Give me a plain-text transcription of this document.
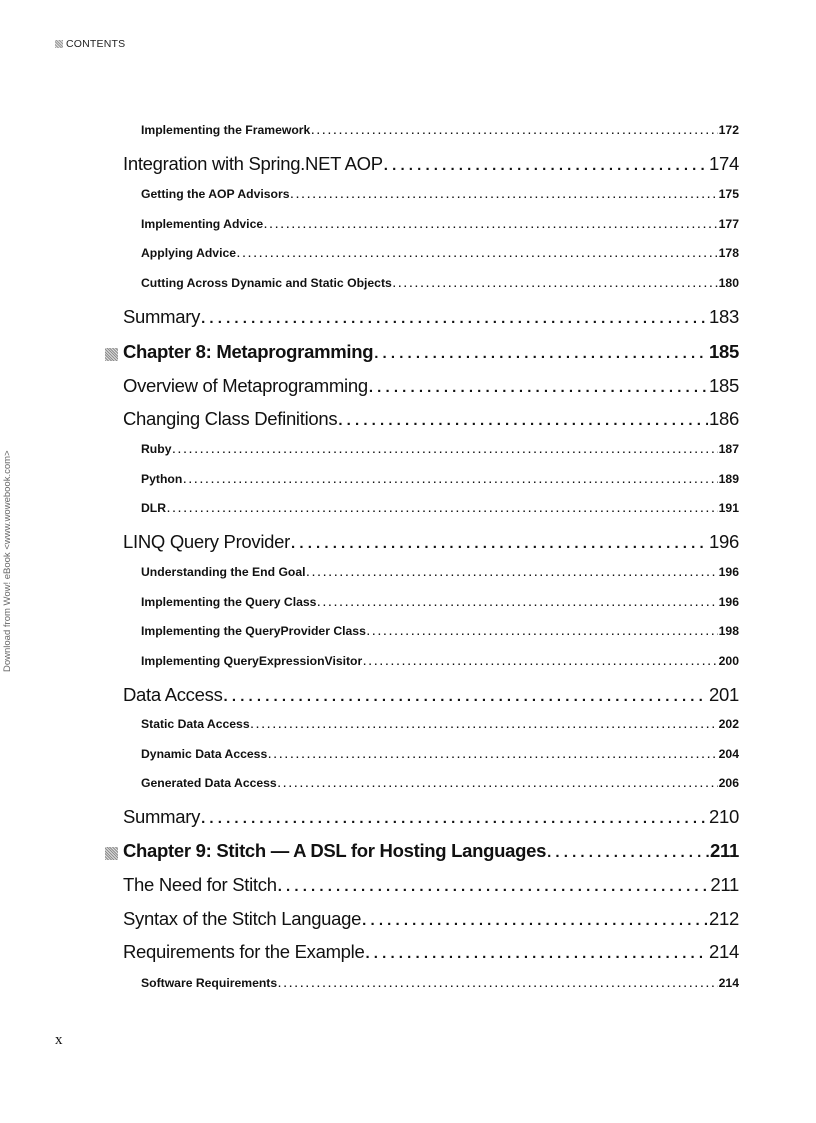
CONTENTS
Implementing the Framework . . .	172
Integration with Spring.NET AOP . . .	174
Getting the AOP Advisors . . .	175
Implementing Advice . . .	177
Applying Advice . . .	178
Cutting Across Dynamic and Static Objects . . .	180
Summary . . .	183
Chapter 8: Metaprogramming . . .	185
Overview of Metaprogramming . . .	185
Changing Class Definitions . . .	186
Ruby . . .	187
Python . . .	189
DLR . . .	191
LINQ Query Provider . . .	196
Understanding the End Goal . . .	196
Implementing the Query Class . . .	196
Implementing the QueryProvider Class . . .	198
Implementing QueryExpressionVisitor . . .	200
Data Access . . .	201
Static Data Access . . .	202
Dynamic Data Access . . .	204
Generated Data Access . . .	206
Summary . . .	210
Chapter 9: Stitch — A DSL for Hosting Languages . . .	211
The Need for Stitch . . .	211
Syntax of the Stitch Language . . .	212
Requirements for the Example . . .	214
Software Requirements . . .	214
Download from Wow! eBook <www.wowebook.com>
x
